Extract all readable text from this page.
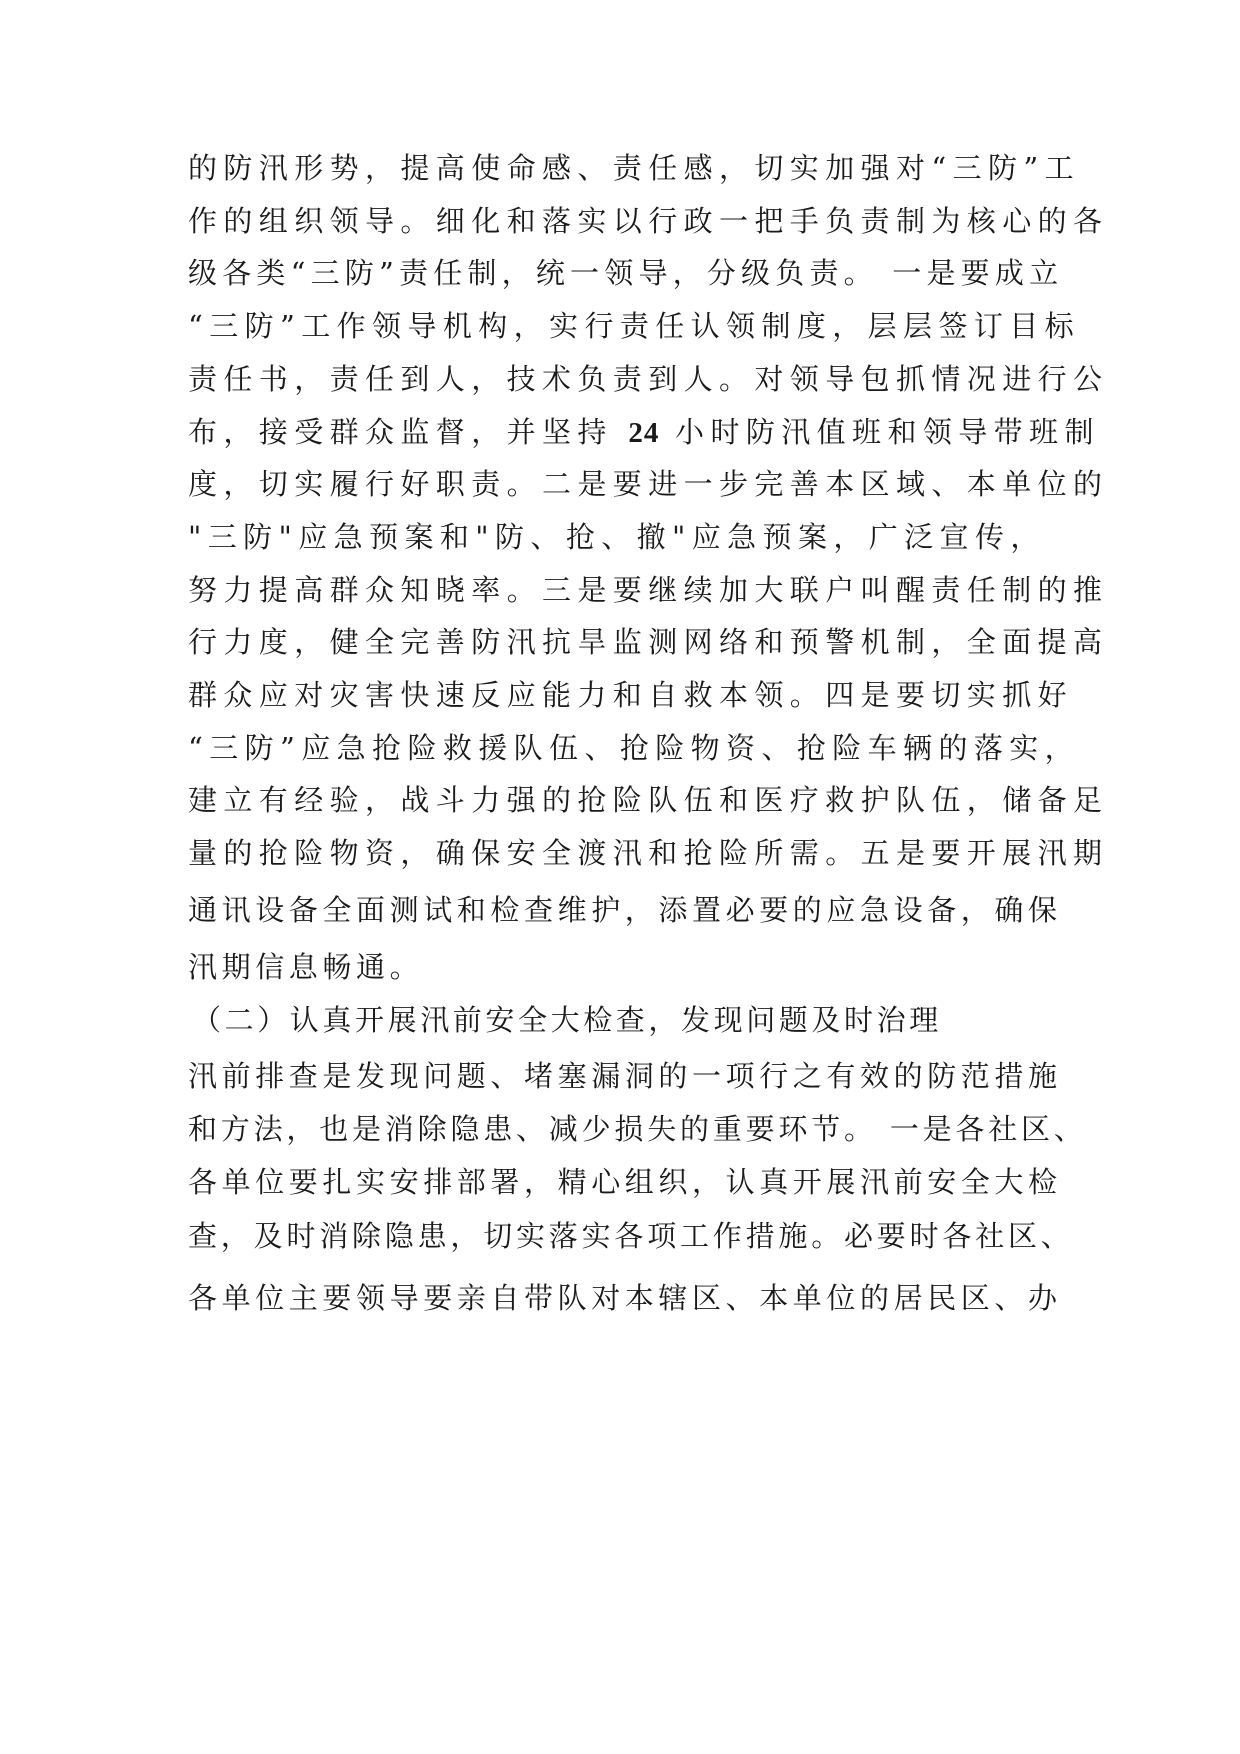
的防汛形势，提高使命感、责任感，切实加强对“三防”工
作的组织领导。细化和落实以行政一把手负责制为核心的各
级各类“三防”责任制，统一领导，分级负责。 一是要成立
“三防”工作领导机构，实行责任认领制度，层层签订目标
责任书，责任到人，技术负责到人。对领导包抓情况进行公
布，接受群众监督，并坚持 24 小时防汛值班和领导带班制
度，切实履行好职责。二是要进一步完善本区域、本单位的
"三防"应急预案和"防、抢、撤"应急预案，广泛宣传，
努力提高群众知晓率。三是要继续加大联户叫醒责任制的推
行力度，健全完善防汛抗旱监测网络和预警机制，全面提高
群众应对灾害快速反应能力和自救本领。四是要切实抓好
“三防”应急抢险救援队伍、抢险物资、抢险车辆的落实，
建立有经验，战斗力强的抢险队伍和医疗救护队伍，储备足
量的抢险物资，确保安全渡汛和抢险所需。五是要开展汛期
通讯设备全面测试和检查维护，添置必要的应急设备，确保
汛期信息畅通。
（二）认真开展汛前安全大检查，发现问题及时治理
汛前排查是发现问题、堵塞漏洞的一项行之有效的防范措施
和方法，也是消除隐患、减少损失的重要环节。 一是各社区、
各单位要扎实安排部署，精心组织，认真开展汛前安全大检
查，及时消除隐患，切实落实各项工作措施。必要时各社区、
各单位主要领导要亲自带队对本辖区、本单位的居民区、办
